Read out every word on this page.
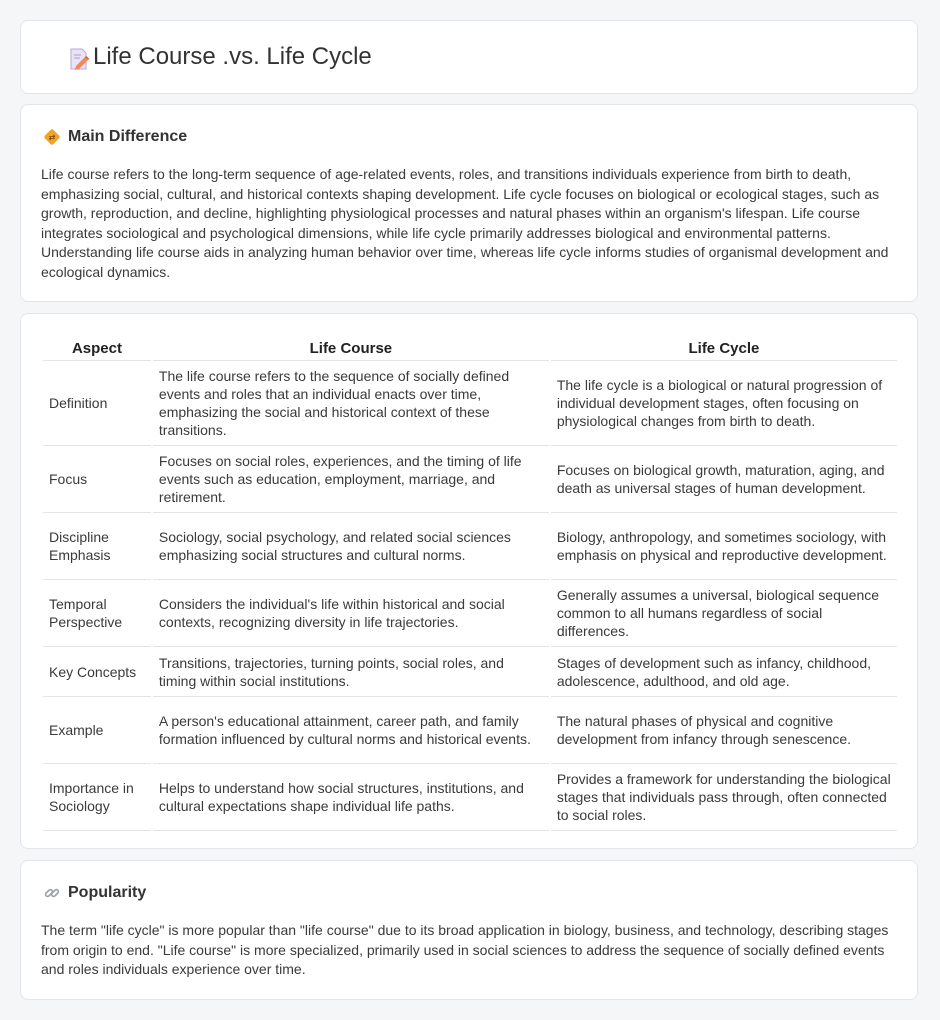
Life Course .vs. Life Cycle
⇄ Main Difference

Life course refers to the long-term sequence of age-related events, roles, and transitions individuals experience from birth to death, emphasizing social, cultural, and historical contexts shaping development. Life cycle focuses on biological or ecological stages, such as growth, reproduction, and decline, highlighting physiological processes and natural phases within an organism's lifespan. Life course integrates sociological and psychological dimensions, while life cycle primarily addresses biological and environmental patterns. Understanding life course aids in analyzing human behavior over time, whereas life cycle informs studies of organismal development and ecological dynamics.

Aspect	Life Course	Life Cycle
Definition	The life course refers to the sequence of socially defined events and roles that an individual enacts over time, emphasizing the social and historical context of these transitions.	The life cycle is a biological or natural progression of individual development stages, often focusing on physiological changes from birth to death.
Focus	Focuses on social roles, experiences, and the timing of life events such as education, employment, marriage, and retirement.	Focuses on biological growth, maturation, aging, and death as universal stages of human development.
Discipline Emphasis	Sociology, social psychology, and related social sciences emphasizing social structures and cultural norms.	Biology, anthropology, and sometimes sociology, with emphasis on physical and reproductive development.
Temporal Perspective	Considers the individual's life within historical and social contexts, recognizing diversity in life trajectories.	Generally assumes a universal, biological sequence common to all humans regardless of social differences.
Key Concepts	Transitions, trajectories, turning points, social roles, and timing within social institutions.	Stages of development such as infancy, childhood, adolescence, adulthood, and old age.
Example	A person's educational attainment, career path, and family formation influenced by cultural norms and historical events.	The natural phases of physical and cognitive development from infancy through senescence.
Importance in Sociology	Helps to understand how social structures, institutions, and cultural expectations shape individual life paths.	Provides a framework for understanding the biological stages that individuals pass through, often connected to social roles.
Popularity

The term "life cycle" is more popular than "life course" due to its broad application in biology, business, and technology, describing stages from origin to end. "Life course" is more specialized, primarily used in social sciences to address the sequence of socially defined events and roles individuals experience over time.
